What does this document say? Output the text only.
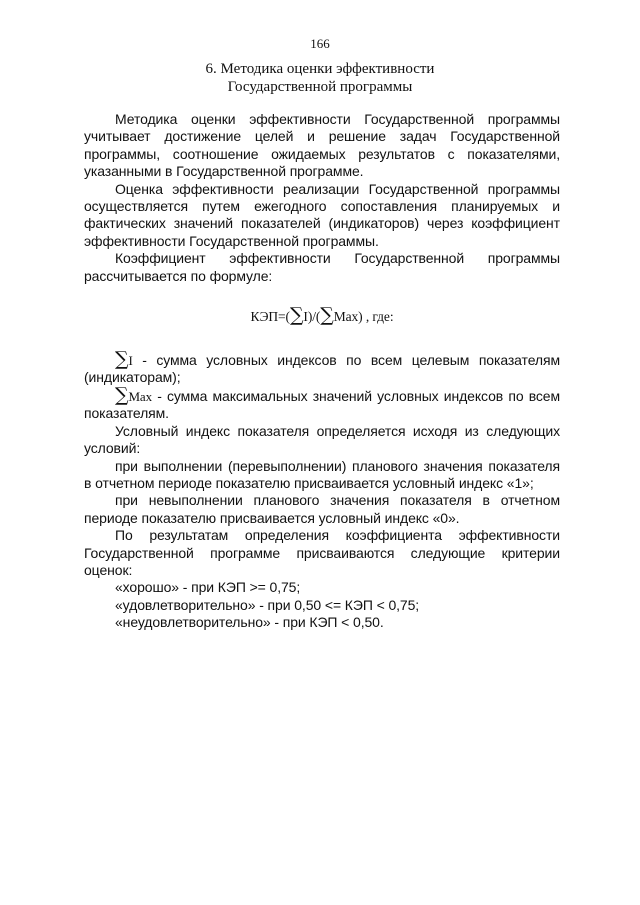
166
6. Методика оценки эффективности
Государственной программы

Методика оценки эффективности Государственной программы учитывает достижение целей и решение задач Государственной программы, соотношение ожидаемых результатов с показателями, указанными в Государственной программе.

Оценка эффективности реализации Государственной программы осуществляется путем ежегодного сопоставления планируемых и фактических значений показателей (индикаторов) через коэффициент эффективности Государственной программы.

Коэффициент эффективности Государственной программы рассчитывается по формуле:

КЭП=(∑I)/(∑Max) , где:

∑I - сумма условных индексов по всем целевым показателям (индикаторам);

∑Max - сумма максимальных значений условных индексов по всем показателям.

Условный индекс показателя определяется исходя из следующих условий:

при выполнении (перевыполнении) планового значения показателя в отчетном периоде показателю присваивается условный индекс «1»;

при невыполнении планового значения показателя в отчетном периоде показателю присваивается условный индекс «0».

По результатам определения коэффициента эффективности Государственной программе присваиваются следующие критерии оценок:

«хорошо» - при КЭП >= 0,75;

«удовлетворительно» - при 0,50 <= КЭП < 0,75;

«неудовлетворительно» - при КЭП < 0,50.
